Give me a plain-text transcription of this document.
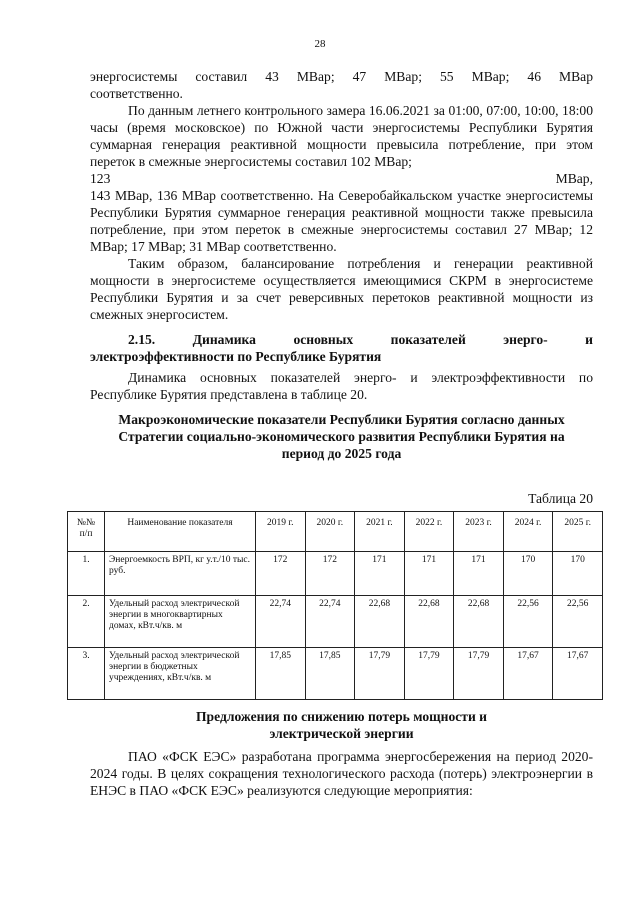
28

энергосистемы составил 43 МВар; 47 МВар; 55 МВар; 46 МВар

соответственно.

По данным летнего контрольного замера 16.06.2021 за 01:00, 07:00, 10:00, 18:00 часы (время московское) по Южной части энергосистемы Республики Бурятия суммарная генерация реактивной мощности превысила потребление, при этом переток в смежные энергосистемы составил 102 МВар;

123	МВар,

143 МВар, 136 МВар соответственно. На Северобайкальском участке энергосистемы Республики Бурятия суммарное генерация реактивной мощности также превысила потребление, при этом переток в смежные энергосистемы составил 27 МВар; 12 МВар; 17 МВар; 31 МВар соответственно.

Таким образом, балансирование потребления и генерации реактивной мощности в энергосистеме осуществляется имеющимися СКРМ в энергосистеме Республики Бурятия и за счет реверсивных перетоков реактивной мощности из смежных энергосистем.

2.15. Динамика основных показателей энерго- и

электроэффективности по Республике Бурятия

Динамика основных показателей энерго- и электроэффективности по Республике Бурятия представлена в таблице 20.

Макроэкономические показатели Республики Бурятия согласно данных Стратегии социально-экономического развития Республики Бурятия на период до 2025 года

Таблица 20
№№ п/п	Наименование показателя	2019 г.	2020 г.	2021 г.	2022 г.	2023 г.	2024 г.	2025 г.
1.	Энергоемкость ВРП, кг у.т./10 тыс. руб.	172	172	171	171	171	170	170
2.	Удельный расход электрической энергии в многоквартирных домах, кВт.ч/кв. м	22,74	22,74	22,68	22,68	22,68	22,56	22,56
3.	Удельный расход электрической энергии в бюджетных учреждениях, кВт.ч/кв. м	17,85	17,85	17,79	17,79	17,79	17,67	17,67

Предложения по снижению потерь мощности и

электрической энергии

ПАО «ФСК ЕЭС» разработана программа энергосбережения на период 2020-2024 годы. В целях сокращения технологического расхода (потерь) электроэнергии в ЕНЭС в ПАО «ФСК ЕЭС» реализуются следующие мероприятия:
